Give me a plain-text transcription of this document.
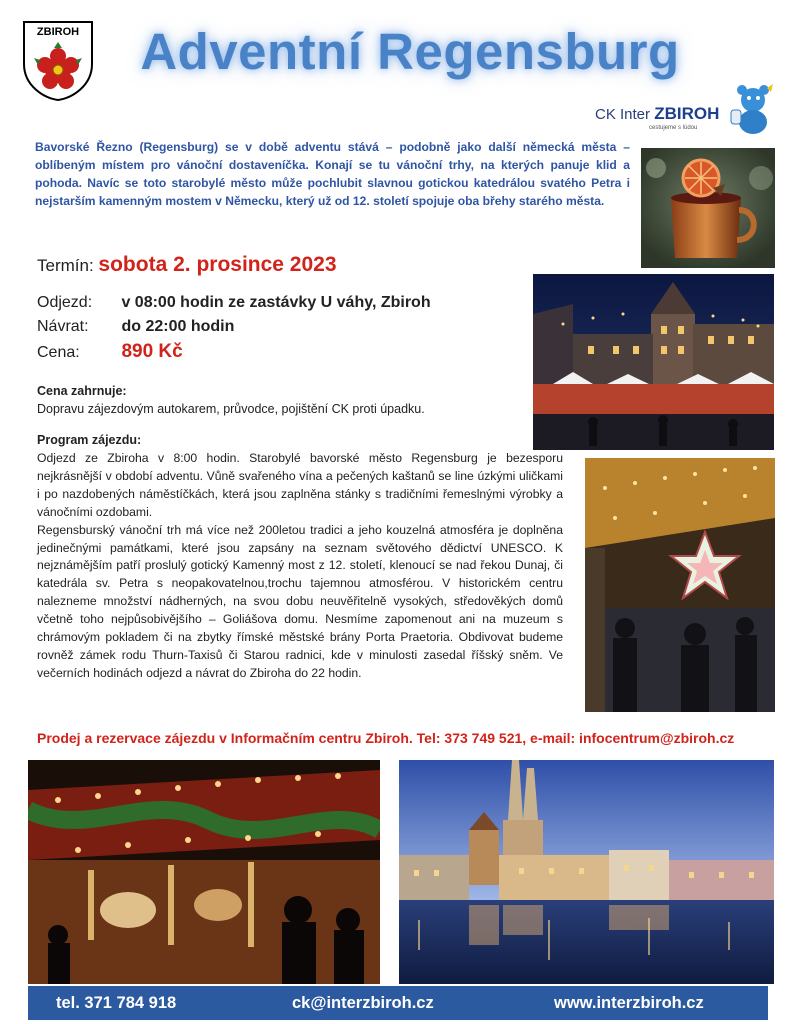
ZBIROH	Adventní Regensburg
CK Inter ZBIROH
cestujeme s lúdou
Bavorské Řezno (Regensburg) se v době adventu stává – podobně jako další německá města – oblíbeným místem pro vánoční dostaveníčka. Konají se tu vánoční trhy, na kterých panuje klid a pohoda. Navíc se toto starobylé město může pochlubit slavnou gotickou katedrálou svatého Petra i nejstarším kamenným mostem v Německu, který už od 12. století spojuje oba břehy starého města.
Termín: sobota 2. prosince 2023
Odjezd: v 08:00 hodin ze zastávky U váhy, Zbiroh
Návrat: do 22:00 hodin
Cena: 890 Kč
Cena zahrnuje:
Dopravu zájezdovým autokarem, průvodce, pojištění CK proti úpadku.
Program zájezdu:

Odjezd ze Zbiroha v 8:00 hodin. Starobylé bavorské město Regensburg je bezesporu nejkrásnější v období adventu. Vůně svařeného vína a pečených kaštanů se line úzkými uličkami i po nazdobených náměstíčkách, která jsou zaplněna stánky s tradičními řemeslnými výrobky a vánočními ozdobami.

Regensburský vánoční trh má více než 200letou tradici a jeho kouzelná atmosféra je doplněna jedinečnými památkami, které jsou zapsány na seznam světového dědictví UNESCO. K nejznámějším patří proslulý gotický Kamenný most z 12. století, klenoucí se nad řekou Dunaj, či katedrála sv. Petra s neopakovatelnou,trochu tajemnou atmosférou. V historickém centru nalezneme množství nádherných, na svou dobu neuvěřitelně vysokých, středověkých domů včetně toho nejpůsobivějšího – Goliášova domu. Nesmíme zapomenout ani na muzeum s chrámovým pokladem či na zbytky římské městské brány Porta Praetoria. Obdivovat budeme rovněž zámek rodu Thurn-Taxisů či Starou radnici, kde v minulosti zasedal říšský sněm. Ve večerních hodinách odjezd a návrat do Zbiroha do 22 hodin.

Prodej a rezervace zájezdu v Informačním centru Zbiroh. Tel: 373 749 521, e-mail: infocentrum@zbiroh.cz
tel. 371 784 918	ck@interzbiroh.cz	www.interzbiroh.cz
